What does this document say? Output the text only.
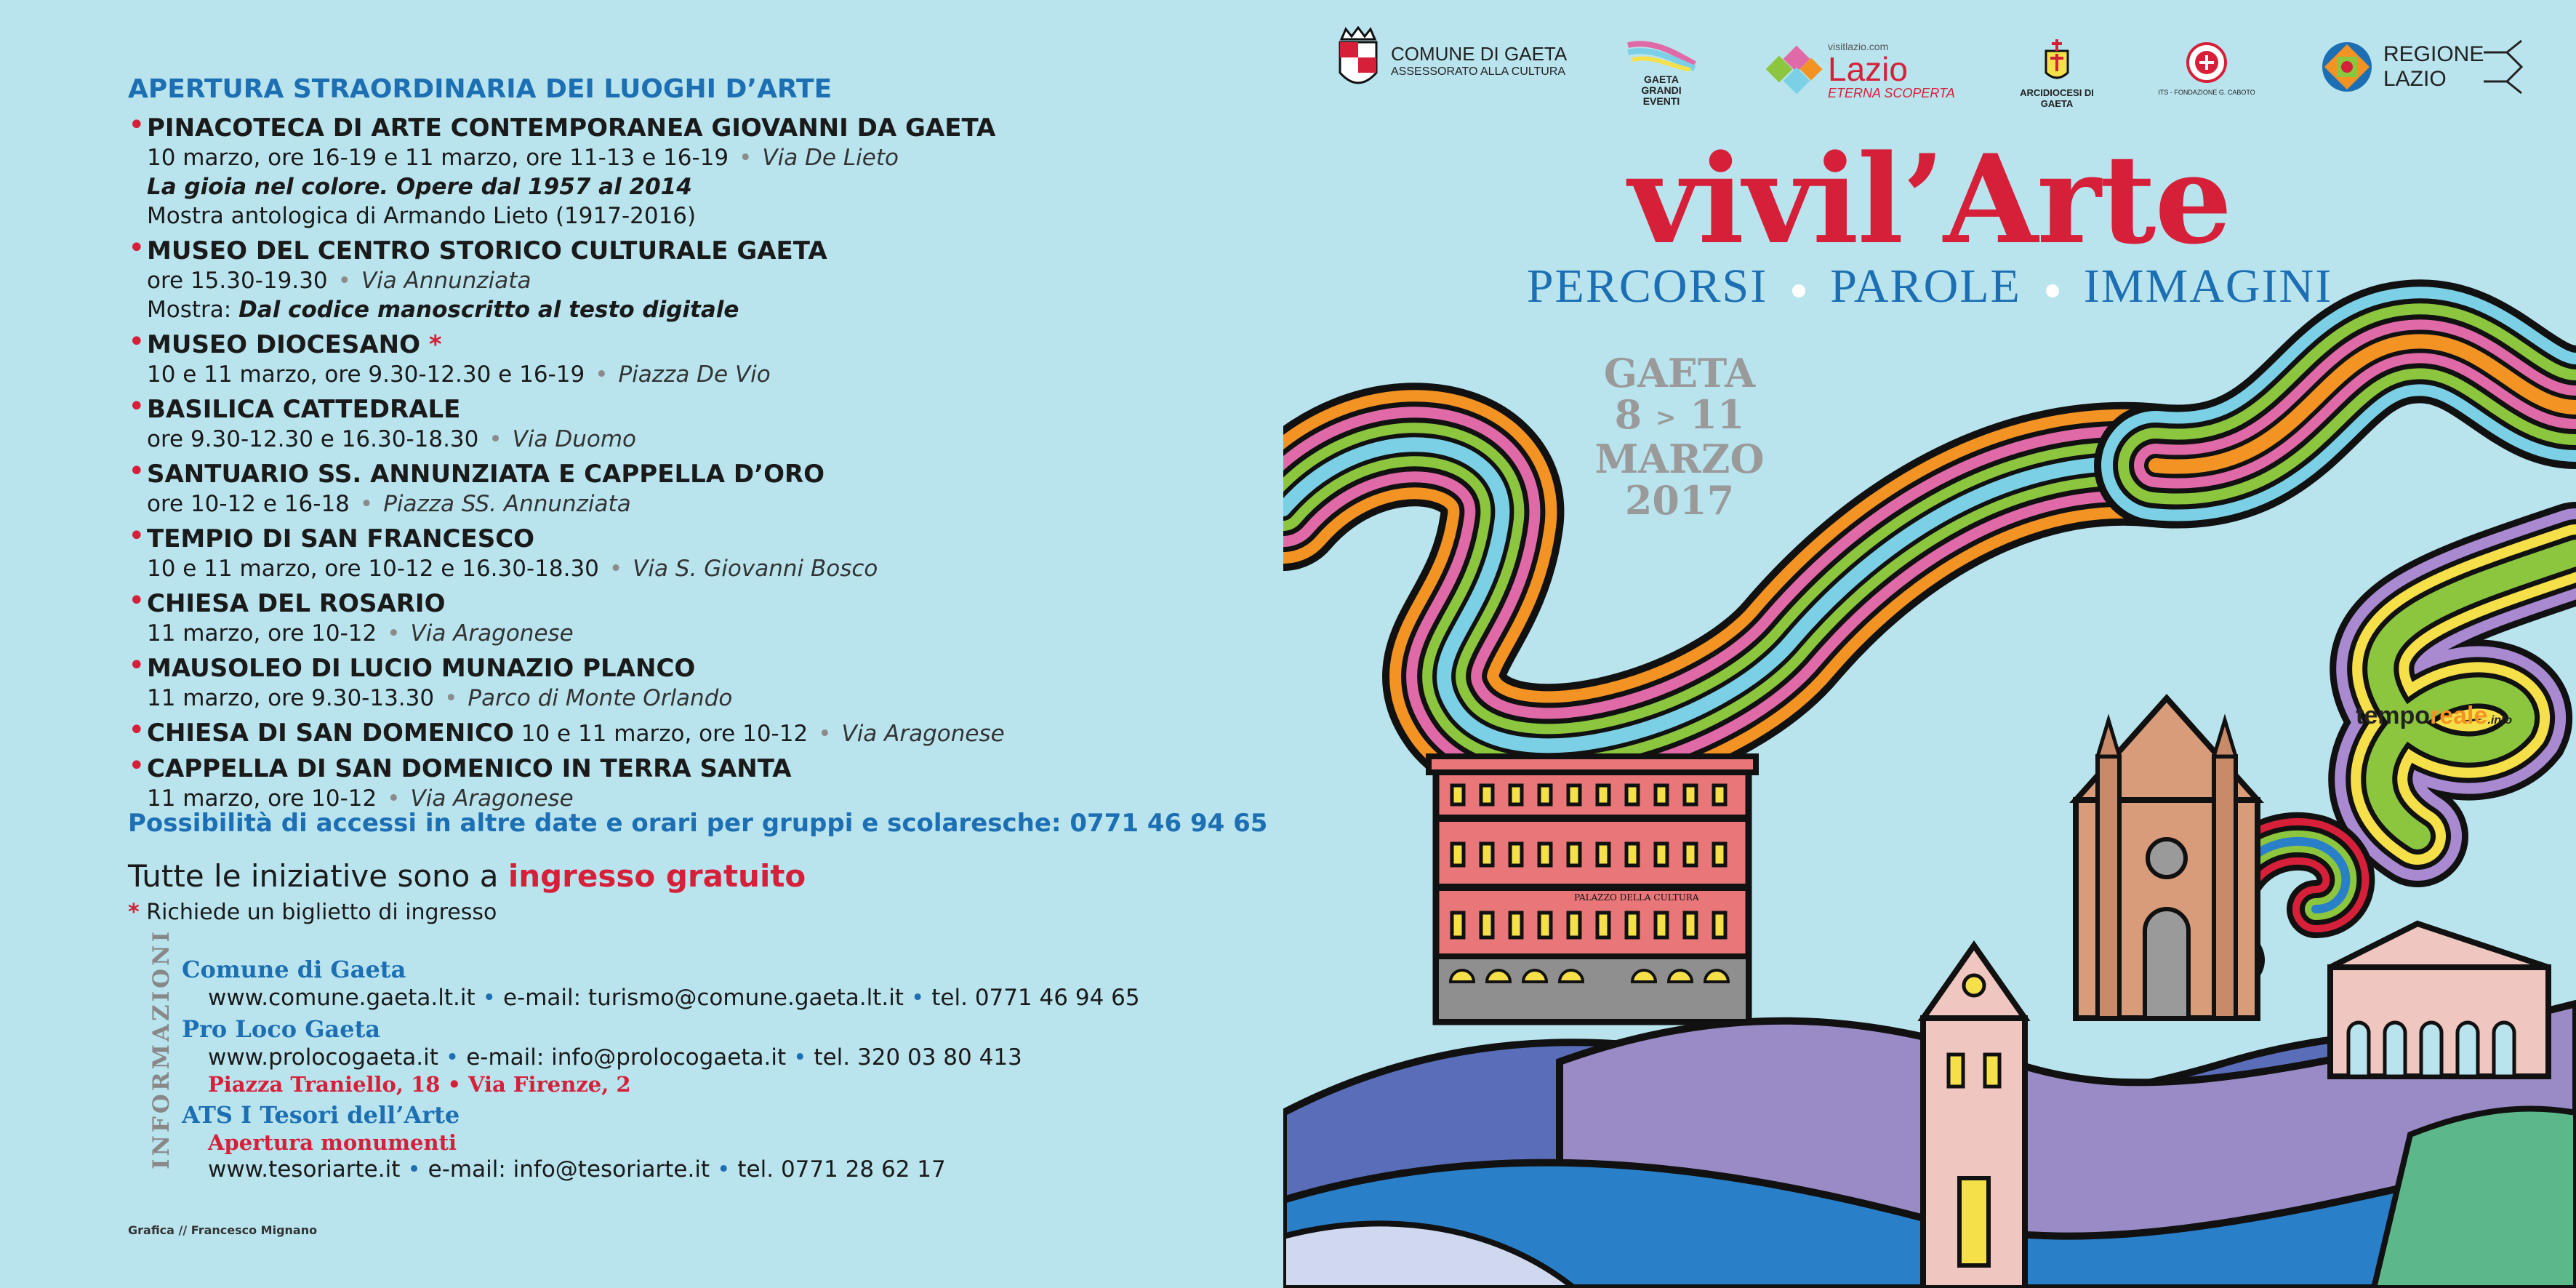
APERTURA STRAORDINARIA DEI LUOGHI D’ARTE
• PINACOTECA DI ARTE CONTEMPORANEA GIOVANNI DA GAETA
10 marzo, ore 16-19 e 11 marzo, ore 11-13 e 16-19 • Via De Lieto
La gioia nel colore. Opere dal 1957 al 2014
Mostra antologica di Armando Lieto (1917-2016)
• MUSEO DEL CENTRO STORICO CULTURALE GAETA
ore 15.30-19.30 • Via Annunziata
Mostra: Dal codice manoscritto al testo digitale
• MUSEO DIOCESANO *
10 e 11 marzo, ore 9.30-12.30 e 16-19 • Piazza De Vio
• BASILICA CATTEDRALE
ore 9.30-12.30 e 16.30-18.30 • Via Duomo
• SANTUARIO SS. ANNUNZIATA E CAPPELLA D’ORO
ore 10-12 e 16-18 • Piazza SS. Annunziata
• TEMPIO DI SAN FRANCESCO
10 e 11 marzo, ore 10-12 e 16.30-18.30 • Via S. Giovanni Bosco
• CHIESA DEL ROSARIO
11 marzo, ore 10-12 • Via Aragonese
• MAUSOLEO DI LUCIO MUNAZIO PLANCO
11 marzo, ore 9.30-13.30 • Parco di Monte Orlando
• CHIESA DI SAN DOMENICO 10 e 11 marzo, ore 10-12 • Via Aragonese
• CAPPELLA DI SAN DOMENICO IN TERRA SANTA
11 marzo, ore 10-12 • Via Aragonese
Possibilità di accessi in altre date e orari per gruppi e scolaresche: 0771 46 94 65
Tutte le iniziative sono a ingresso gratuito
* Richiede un biglietto di ingresso
INFORMAZIONI Comune di Gaeta
www.comune.gaeta.lt.it • e-mail: turismo@comune.gaeta.lt.it • tel. 0771 46 94 65
Pro Loco Gaeta
www.prolocogaeta.it • e-mail: info@prolocogaeta.it • tel. 320 03 80 413
Piazza Traniello, 18 • Via Firenze, 2
ATS I Tesori dell’Arte
Apertura monumenti
www.tesoriarte.it • e-mail: info@tesoriarte.it • tel. 0771 28 62 17
Grafica // Francesco Mignano
PALAZZO DELLA CULTURA
COMUNE DI GAETA
ASSESSORATO ALLA CULTURA
GAETA
GRANDI
EVENTI
visitlazio.com
Lazio
ETERNA SCOPERTA	ARCIDIOCESI DI GAETA
ITS - FONDAZIONE G. CABOTO
REGIONE
LAZIO
vivil’Arte
PERCORSI PAROLE IMMAGINI
GAETA
8 > 11
MARZO
2017
temporeale.info
